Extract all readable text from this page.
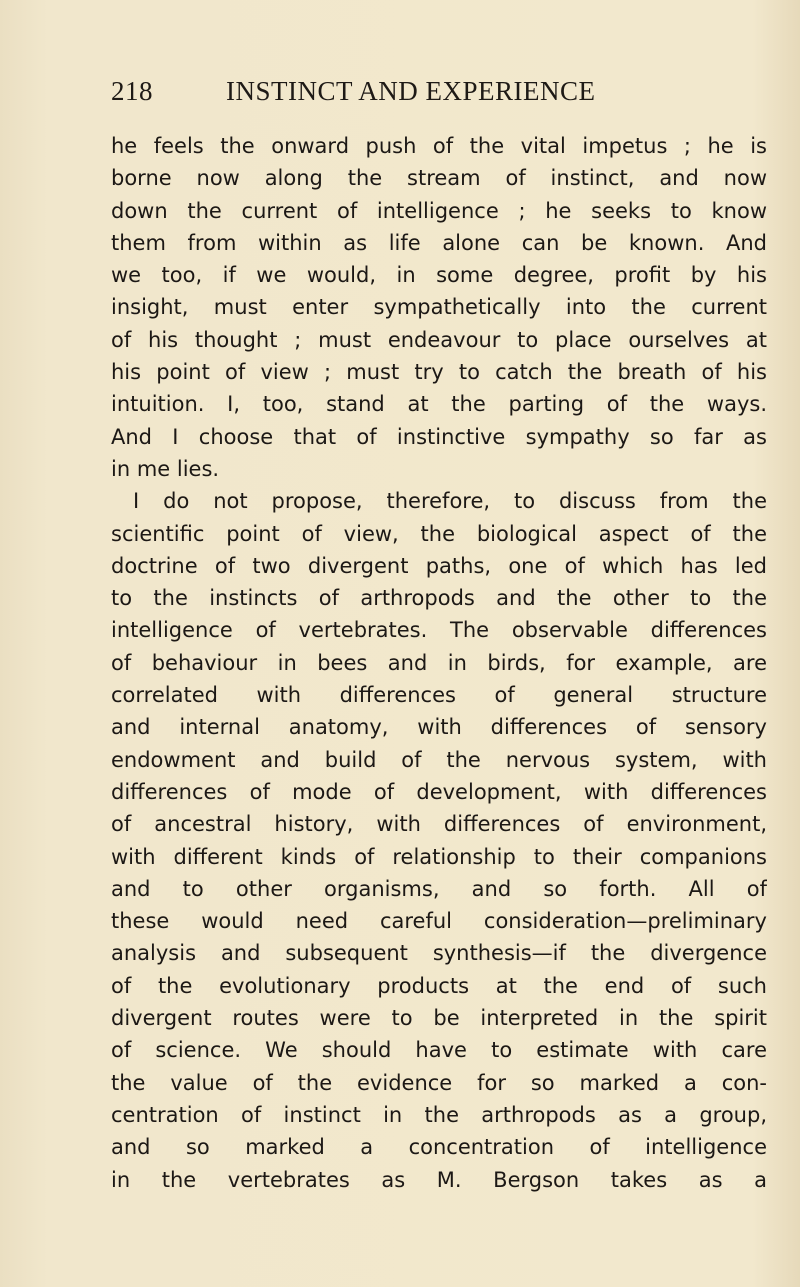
218	INSTINCT AND EXPERIENCE
he feels the onward push of the vital impetus ; he is
borne now along the stream of instinct, and now
down the current of intelligence ; he seeks to know
them from within as life alone can be known. And
we too, if we would, in some degree, profit by his
insight, must enter sympathetically into the current
of his thought ; must endeavour to place ourselves at
his point of view ; must try to catch the breath of his
intuition. I, too, stand at the parting of the ways.
And I choose that of instinctive sympathy so far as
in me lies.
I do not propose, therefore, to discuss from the
scientific point of view, the biological aspect of the
doctrine of two divergent paths, one of which has led
to the instincts of arthropods and the other to the
intelligence of vertebrates. The observable differences
of behaviour in bees and in birds, for example, are
correlated with differences of general structure
and internal anatomy, with differences of sensory
endowment and build of the nervous system, with
differences of mode of development, with differences
of ancestral history, with differences of environment,
with different kinds of relationship to their companions
and to other organisms, and so forth. All of
these would need careful consideration—preliminary
analysis and subsequent synthesis—if the divergence
of the evolutionary products at the end of such
divergent routes were to be interpreted in the spirit
of science. We should have to estimate with care
the value of the evidence for so marked a con-
centration of instinct in the arthropods as a group,
and so marked a concentration of intelligence
in the vertebrates as M. Bergson takes as a
